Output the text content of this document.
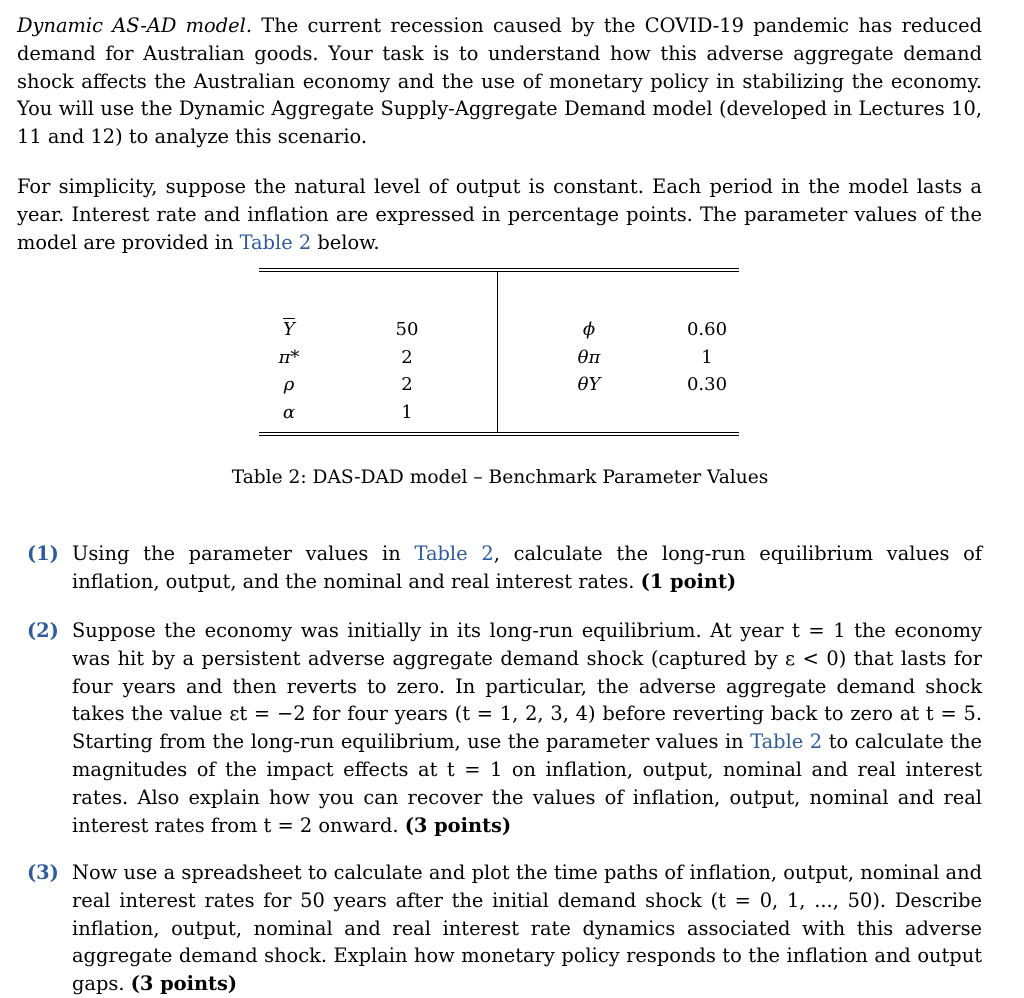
Dynamic AS-AD model. The current recession caused by the COVID-19 pandemic has reduced demand for Australian goods. Your task is to understand how this adverse aggregate demand shock affects the Australian economy and the use of monetary policy in stabilizing the economy. You will use the Dynamic Aggregate Supply-Aggregate Demand model (developed in Lectures 10, 11 and 12) to analyze this scenario.

For simplicity, suppose the natural level of output is constant. Each period in the model lasts a year. Interest rate and inflation are expressed in percentage points. The parameter values of the model are provided in Table 2 below.

$\overline{Y}$
π*
ρ
α
50
2
2
1
ϕ
θπ
θY
0.60
1
0.30
Table 2: DAS-DAD model – Benchmark Parameter Values
(1) Using the parameter values in Table 2, calculate the long-run equilibrium values of inflation, output, and the nominal and real interest rates. (1 point)
(2) Suppose the economy was initially in its long-run equilibrium. At year t = 1 the economy was hit by a persistent adverse aggregate demand shock (captured by ε < 0) that lasts for four years and then reverts to zero. In particular, the adverse aggregate demand shock takes the value εt = −2 for four years (t = 1, 2, 3, 4) before reverting back to zero at t = 5. Starting from the long-run equilibrium, use the parameter values in Table 2 to calculate the magnitudes of the impact effects at t = 1 on inflation, output, nominal and real interest rates. Also explain how you can recover the values of inflation, output, nominal and real interest rates from t = 2 onward. (3 points)
(3) Now use a spreadsheet to calculate and plot the time paths of inflation, output, nominal and real interest rates for 50 years after the initial demand shock (t = 0, 1, ..., 50). Describe inflation, output, nominal and real interest rate dynamics associated with this adverse aggregate demand shock. Explain how monetary policy responds to the inflation and output gaps. (3 points)
